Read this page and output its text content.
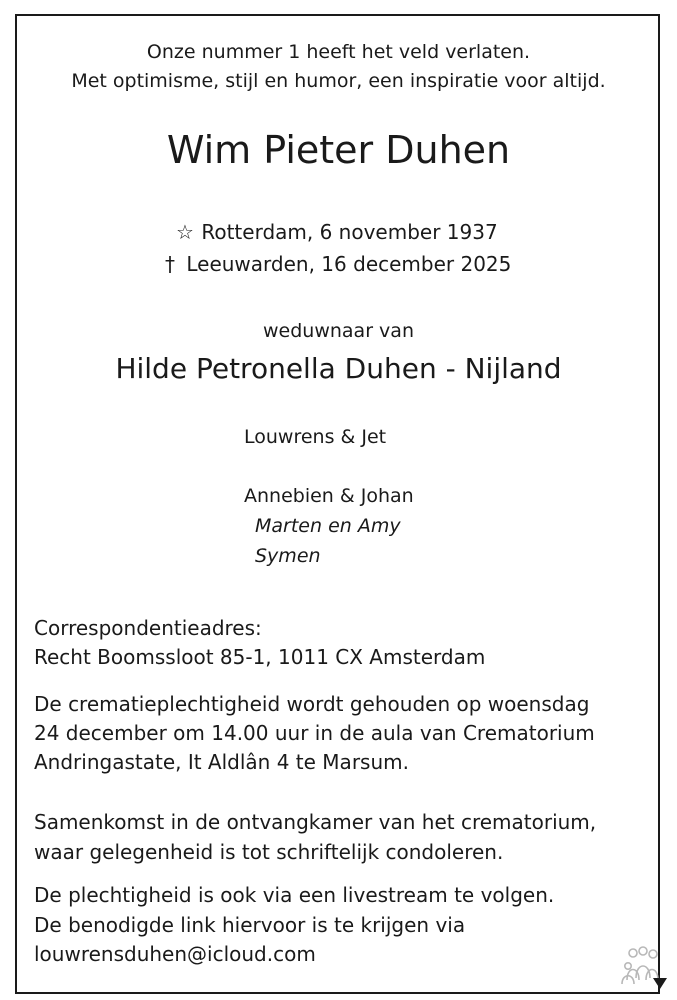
Onze nummer 1 heeft het veld verlaten.
Met optimisme, stijl en humor, een inspiratie voor altijd.
Wim Pieter Duhen
☆ Rotterdam, 6 november 1937
† Leeuwarden, 16 december 2025
weduwnaar van
Hilde Petronella Duhen - Nijland
Louwrens & Jet
Annebien & Johan
Marten en Amy
Symen
Correspondentieadres:
Recht Boomssloot 85-1, 1011 CX Amsterdam
De crematieplechtigheid wordt gehouden op woensdag
24 december om 14.00 uur in de aula van Crematorium
Andringastate, It Aldlân 4 te Marsum.
Samenkomst in de ontvangkamer van het crematorium,
waar gelegenheid is tot schriftelijk condoleren.
De plechtigheid is ook via een livestream te volgen.
De benodigde link hiervoor is te krijgen via
louwrensduhen@icloud.com
